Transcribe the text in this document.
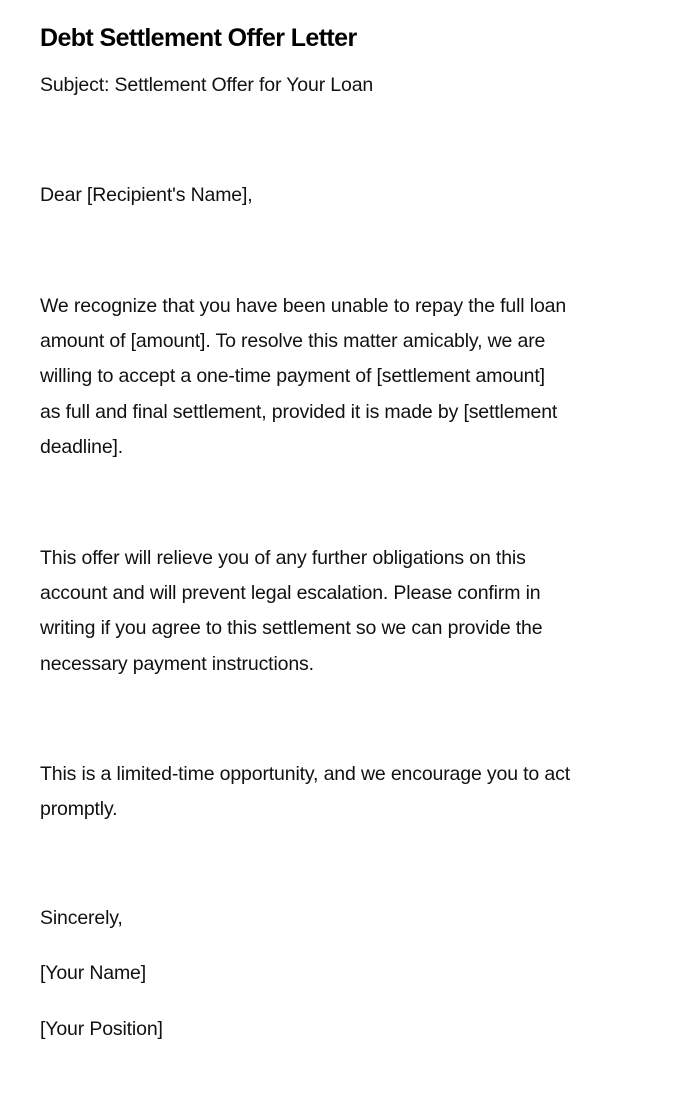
Debt Settlement Offer Letter
Subject: Settlement Offer for Your Loan
Dear [Recipient's Name],
We recognize that you have been unable to repay the full loan
amount of [amount]. To resolve this matter amicably, we are
willing to accept a one-time payment of [settlement amount]
as full and final settlement, provided it is made by [settlement
deadline].
This offer will relieve you of any further obligations on this
account and will prevent legal escalation. Please confirm in
writing if you agree to this settlement so we can provide the
necessary payment instructions.
This is a limited-time opportunity, and we encourage you to act
promptly.
Sincerely,
[Your Name]
[Your Position]
